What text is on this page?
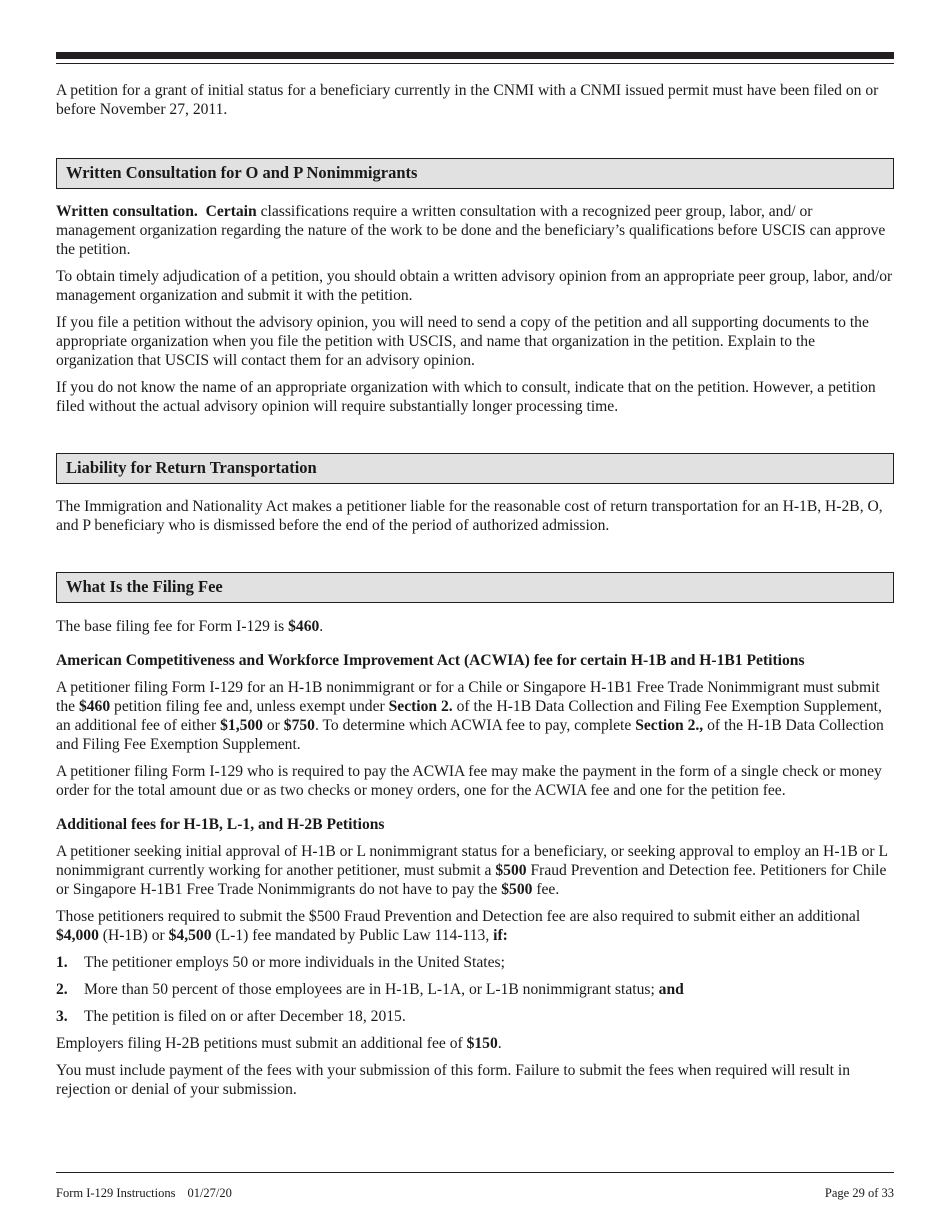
A petition for a grant of initial status for a beneficiary currently in the CNMI with a CNMI issued permit must have been filed on or before November 27, 2011.

Written Consultation for O and P Nonimmigrants

Written consultation. Certain classifications require a written consultation with a recognized peer group, labor, and/ or management organization regarding the nature of the work to be done and the beneficiary’s qualifications before USCIS can approve the petition.

To obtain timely adjudication of a petition, you should obtain a written advisory opinion from an appropriate peer group, labor, and/or management organization and submit it with the petition.

If you file a petition without the advisory opinion, you will need to send a copy of the petition and all supporting documents to the appropriate organization when you file the petition with USCIS, and name that organization in the petition. Explain to the organization that USCIS will contact them for an advisory opinion.

If you do not know the name of an appropriate organization with which to consult, indicate that on the petition. However, a petition filed without the actual advisory opinion will require substantially longer processing time.

Liability for Return Transportation

The Immigration and Nationality Act makes a petitioner liable for the reasonable cost of return transportation for an H-1B, H-2B, O, and P beneficiary who is dismissed before the end of the period of authorized admission.

What Is the Filing Fee

The base filing fee for Form I-129 is $460.

American Competitiveness and Workforce Improvement Act (ACWIA) fee for certain H-1B and H-1B1 Petitions

A petitioner filing Form I-129 for an H-1B nonimmigrant or for a Chile or Singapore H-1B1 Free Trade Nonimmigrant must submit the $460 petition filing fee and, unless exempt under Section 2. of the H-1B Data Collection and Filing Fee Exemption Supplement, an additional fee of either $1,500 or $750. To determine which ACWIA fee to pay, complete Section 2., of the H-1B Data Collection and Filing Fee Exemption Supplement.

A petitioner filing Form I-129 who is required to pay the ACWIA fee may make the payment in the form of a single check or money order for the total amount due or as two checks or money orders, one for the ACWIA fee and one for the petition fee.

Additional fees for H-1B, L-1, and H-2B Petitions

A petitioner seeking initial approval of H-1B or L nonimmigrant status for a beneficiary, or seeking approval to employ an H-1B or L nonimmigrant currently working for another petitioner, must submit a $500 Fraud Prevention and Detection fee. Petitioners for Chile or Singapore H-1B1 Free Trade Nonimmigrants do not have to pay the $500 fee.

Those petitioners required to submit the $500 Fraud Prevention and Detection fee are also required to submit either an additional $4,000 (H-1B) or $4,500 (L-1) fee mandated by Public Law 114-113, if:

1.	The petitioner employs 50 or more individuals in the United States;
2.	More than 50 percent of those employees are in H-1B, L-1A, or L-1B nonimmigrant status; and
3.	The petition is filed on or after December 18, 2015.

Employers filing H-2B petitions must submit an additional fee of $150.

You must include payment of the fees with your submission of this form. Failure to submit the fees when required will result in rejection or denial of your submission.

Form I-129 Instructions 01/27/20	Page 29 of 33
